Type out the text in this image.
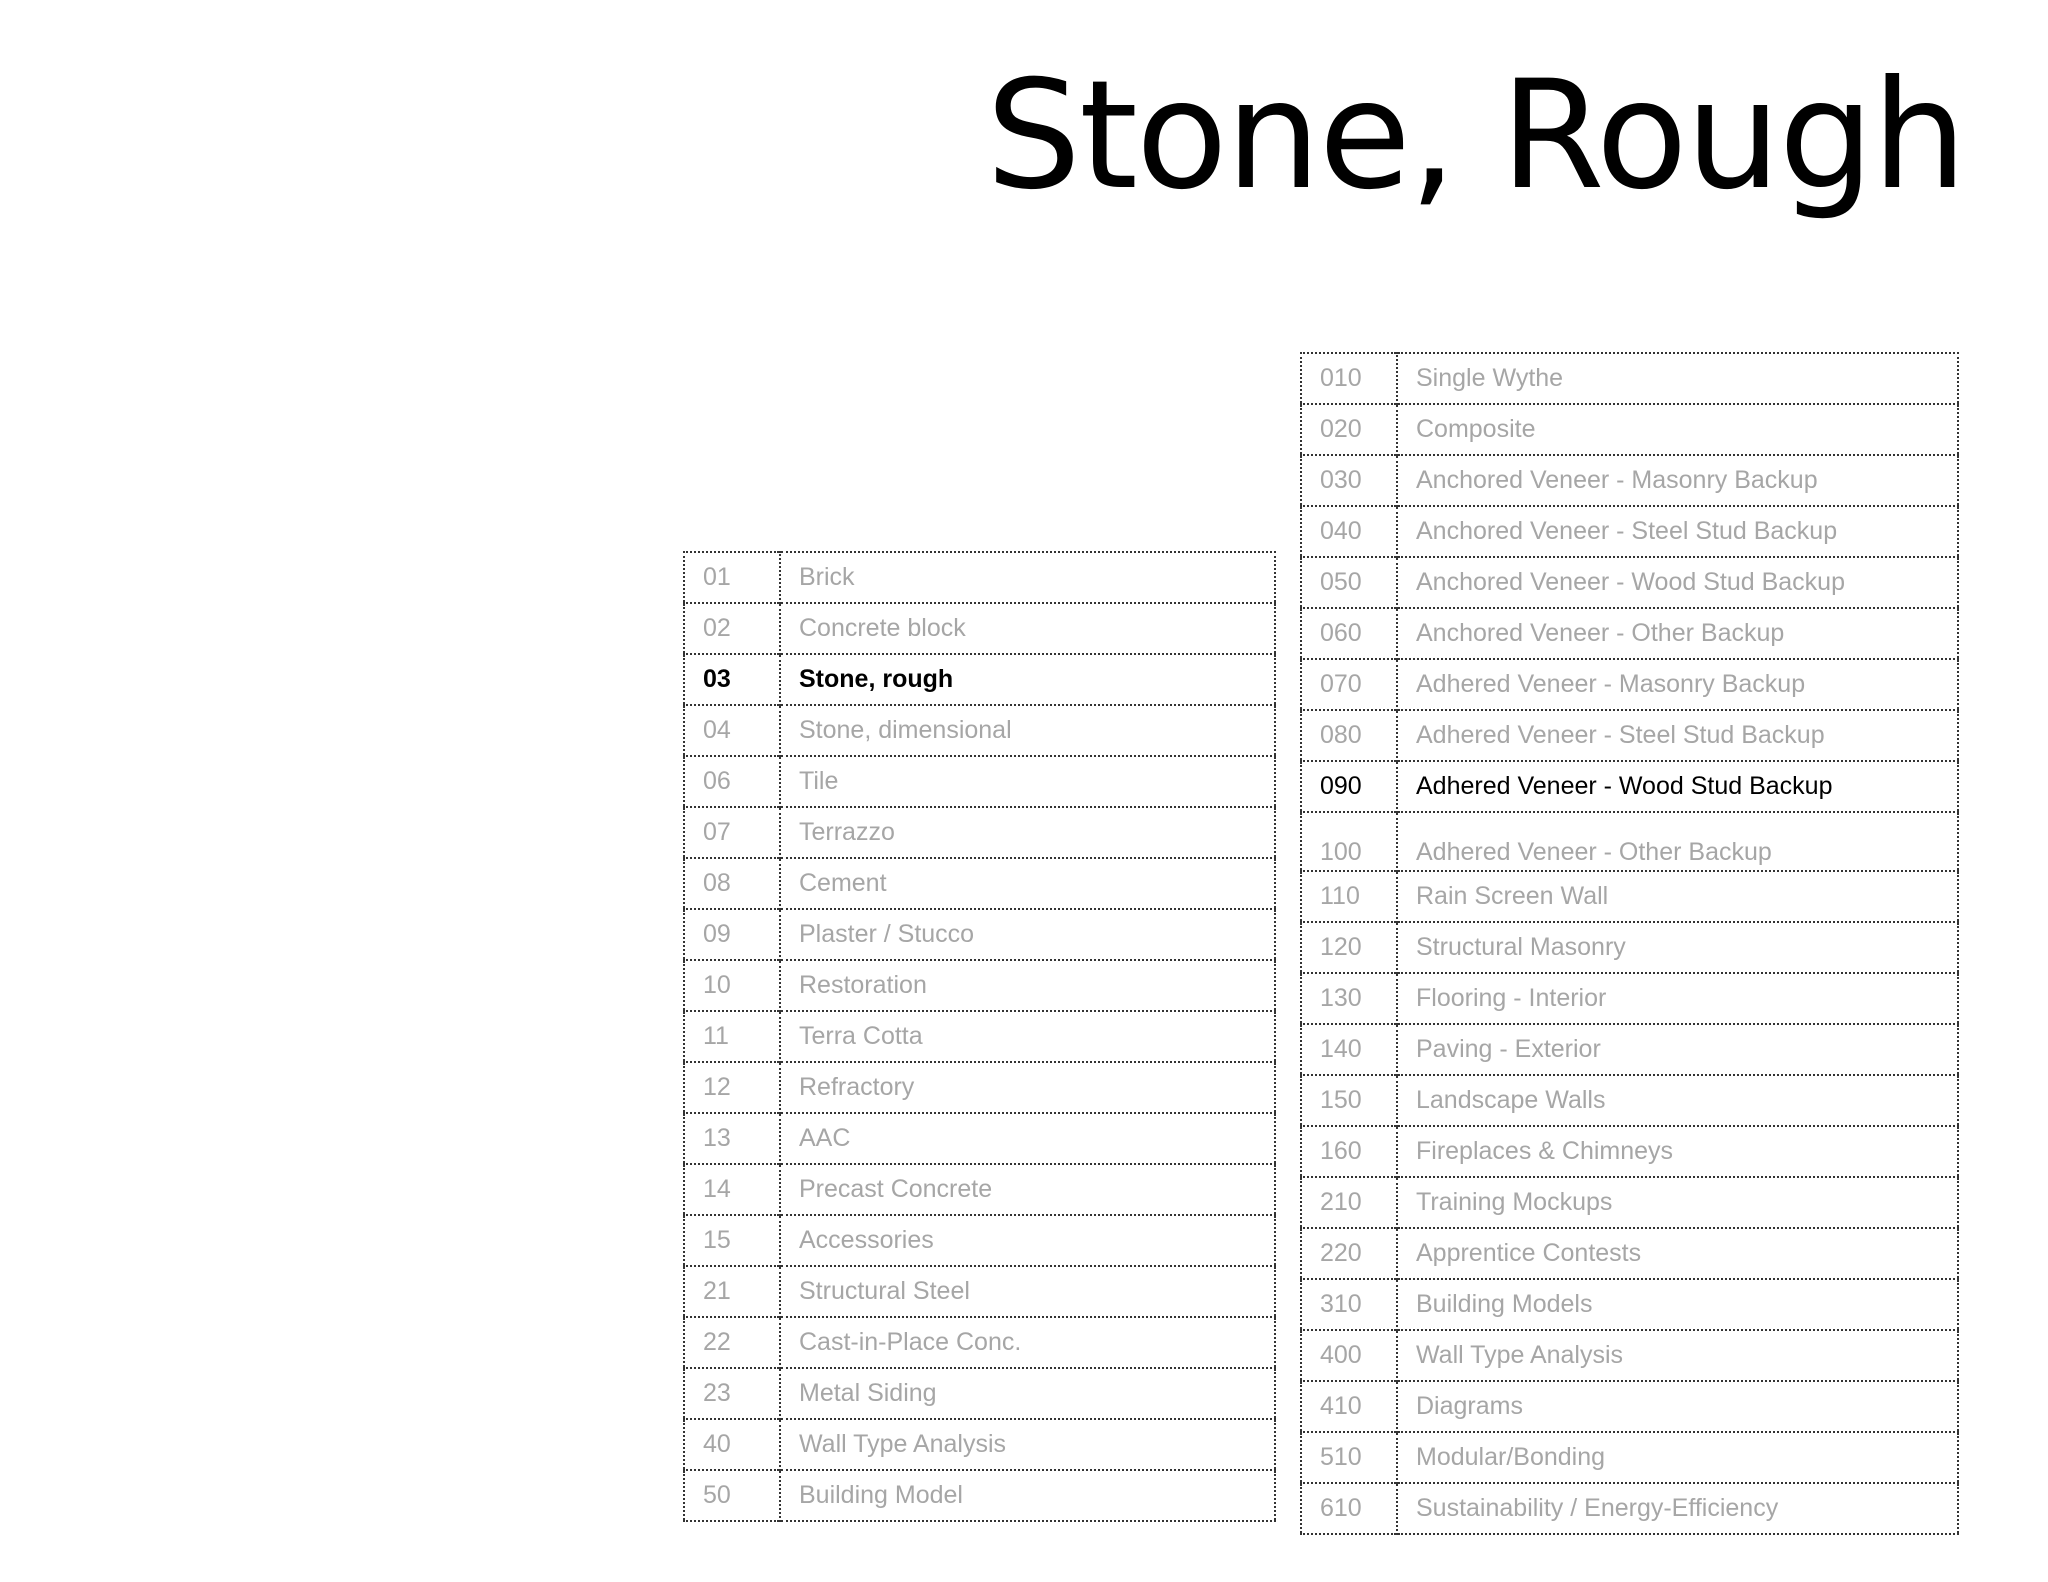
Stone, Rough
01	Brick
02	Concrete block
03	Stone, rough
04	Stone, dimensional
06	Tile
07	Terrazzo
08	Cement
09	Plaster / Stucco
10	Restoration
11	Terra Cotta
12	Refractory
13	AAC
14	Precast Concrete
15	Accessories
21	Structural Steel
22	Cast-in-Place Conc.
23	Metal Siding
40	Wall Type Analysis
50	Building Model
010	Single Wythe
020	Composite
030	Anchored Veneer - Masonry Backup
040	Anchored Veneer - Steel Stud Backup
050	Anchored Veneer - Wood Stud Backup
060	Anchored Veneer - Other Backup
070	Adhered Veneer - Masonry Backup
080	Adhered Veneer - Steel Stud Backup
090	Adhered Veneer - Wood Stud Backup
100	Adhered Veneer - Other Backup
110	Rain Screen Wall
120	Structural Masonry
130	Flooring - Interior
140	Paving - Exterior
150	Landscape Walls
160	Fireplaces & Chimneys
210	Training Mockups
220	Apprentice Contests
310	Building Models
400	Wall Type Analysis
410	Diagrams
510	Modular/Bonding
610	Sustainability / Energy-Efficiency
